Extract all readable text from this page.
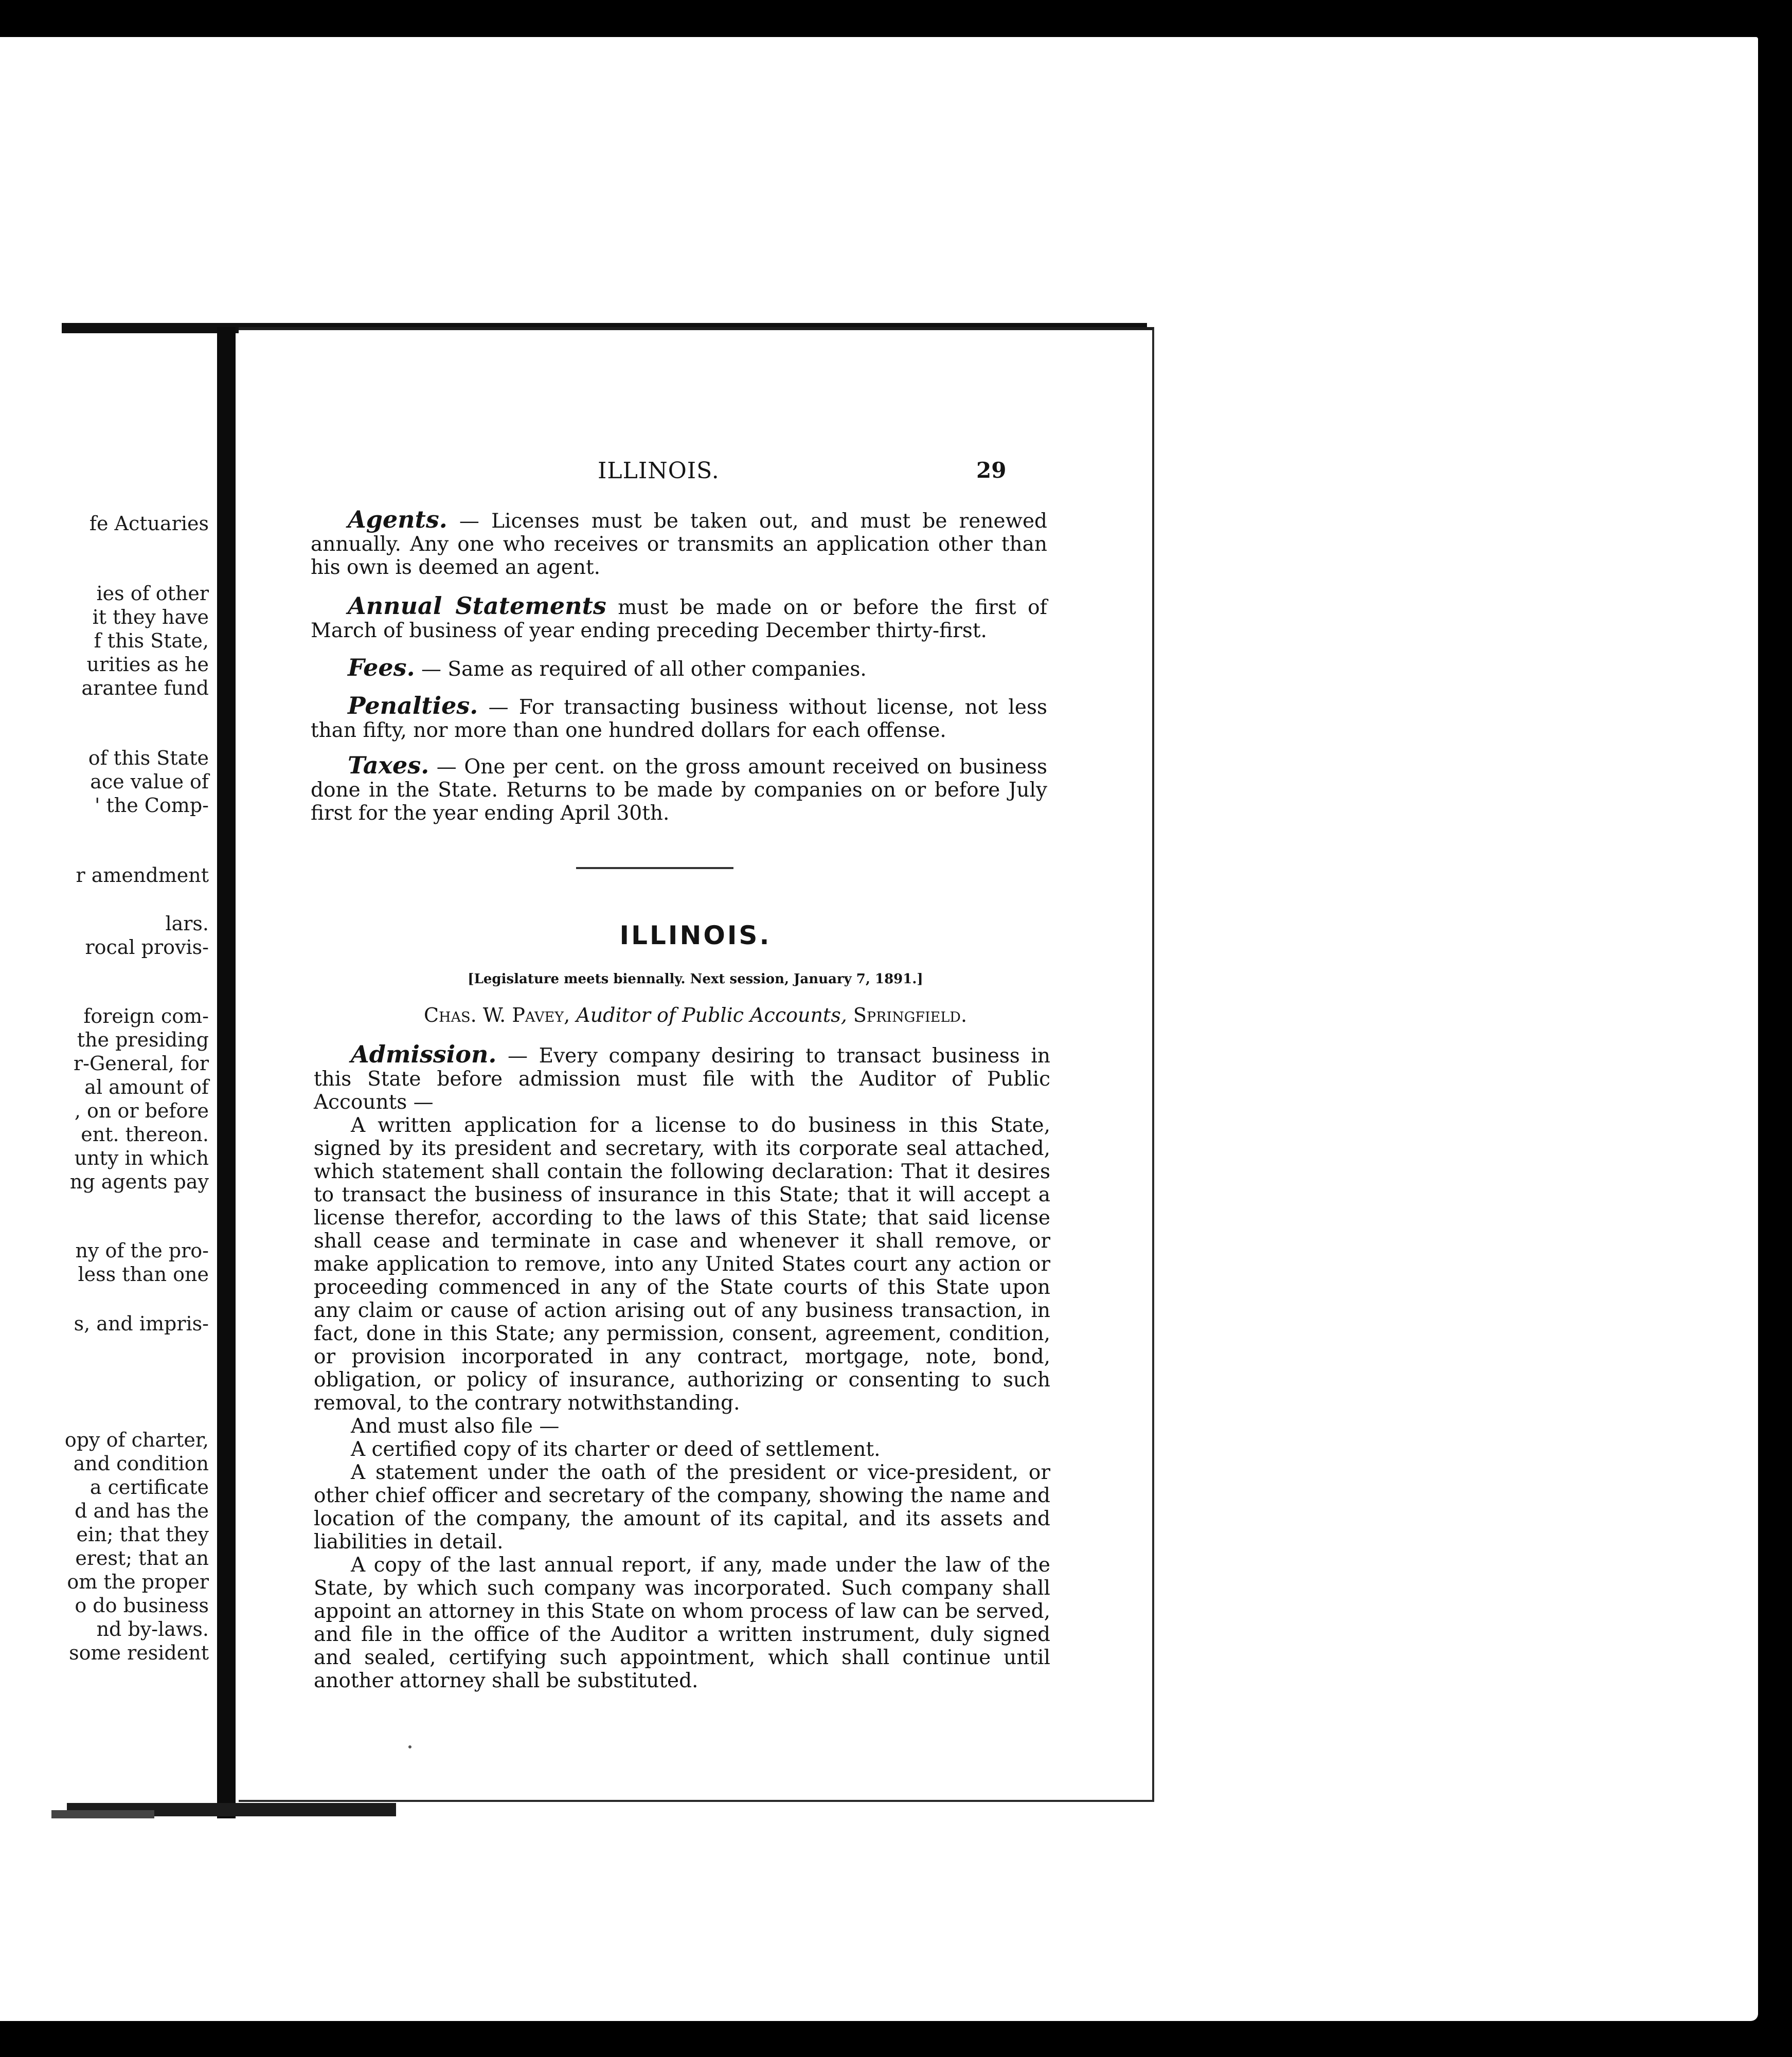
fe Actuaries
ies of other
it they have
f this State,
urities as he
arantee fund
of this State
ace value of
' the Comp-
r amendment
lars.
rocal provis-
foreign com-
the presiding
r-General, for
al amount of
, on or before
ent. thereon.
unty in which
ng agents pay
ny of the pro-
less than one
s, and impris-
opy of charter,
and condition
a certificate
d and has the
ein; that they
erest; that an
om the proper
o do business
nd by-laws.
some resident
ILLINOIS.	29

Agents. — Licenses must be taken out, and must be renewed annually. Any one who receives or transmits an application other than his own is deemed an agent.

Annual Statements must be made on or before the first of March of business of year ending preceding December thirty-first.

Fees. — Same as required of all other companies.

Penalties. — For transacting business without license, not less than fifty, nor more than one hundred dollars for each offense.

Taxes. — One per cent. on the gross amount received on business done in the State. Returns to be made by companies on or before July first for the year ending April 30th.

ILLINOIS.
[Legislature meets biennally. Next session, January 7, 1891.]
Chas. W. Pavey, Auditor of Public Accounts, Springfield.

Admission. — Every company desiring to transact business in this State before admission must file with the Auditor of Public Accounts —

A written application for a license to do business in this State, signed by its president and secretary, with its corporate seal attached, which statement shall contain the following declaration: That it desires to transact the business of insurance in this State; that it will accept a license therefor, according to the laws of this State; that said license shall cease and terminate in case and whenever it shall remove, or make application to remove, into any United States court any action or proceeding commenced in any of the State courts of this State upon any claim or cause of action arising out of any business transaction, in fact, done in this State; any permission, consent, agreement, condition, or provision incorporated in any contract, mortgage, note, bond, obligation, or policy of insurance, authorizing or consenting to such removal, to the contrary notwithstanding.

And must also file —

A certified copy of its charter or deed of settlement.

A statement under the oath of the president or vice-president, or other chief officer and secretary of the company, showing the name and location of the company, the amount of its capital, and its assets and liabilities in detail.

A copy of the last annual report, if any, made under the law of the State, by which such company was incorporated. Such company shall appoint an attorney in this State on whom process of law can be served, and file in the office of the Auditor a written instrument, duly signed and sealed, certifying such appointment, which shall continue until another attorney shall be substituted.
